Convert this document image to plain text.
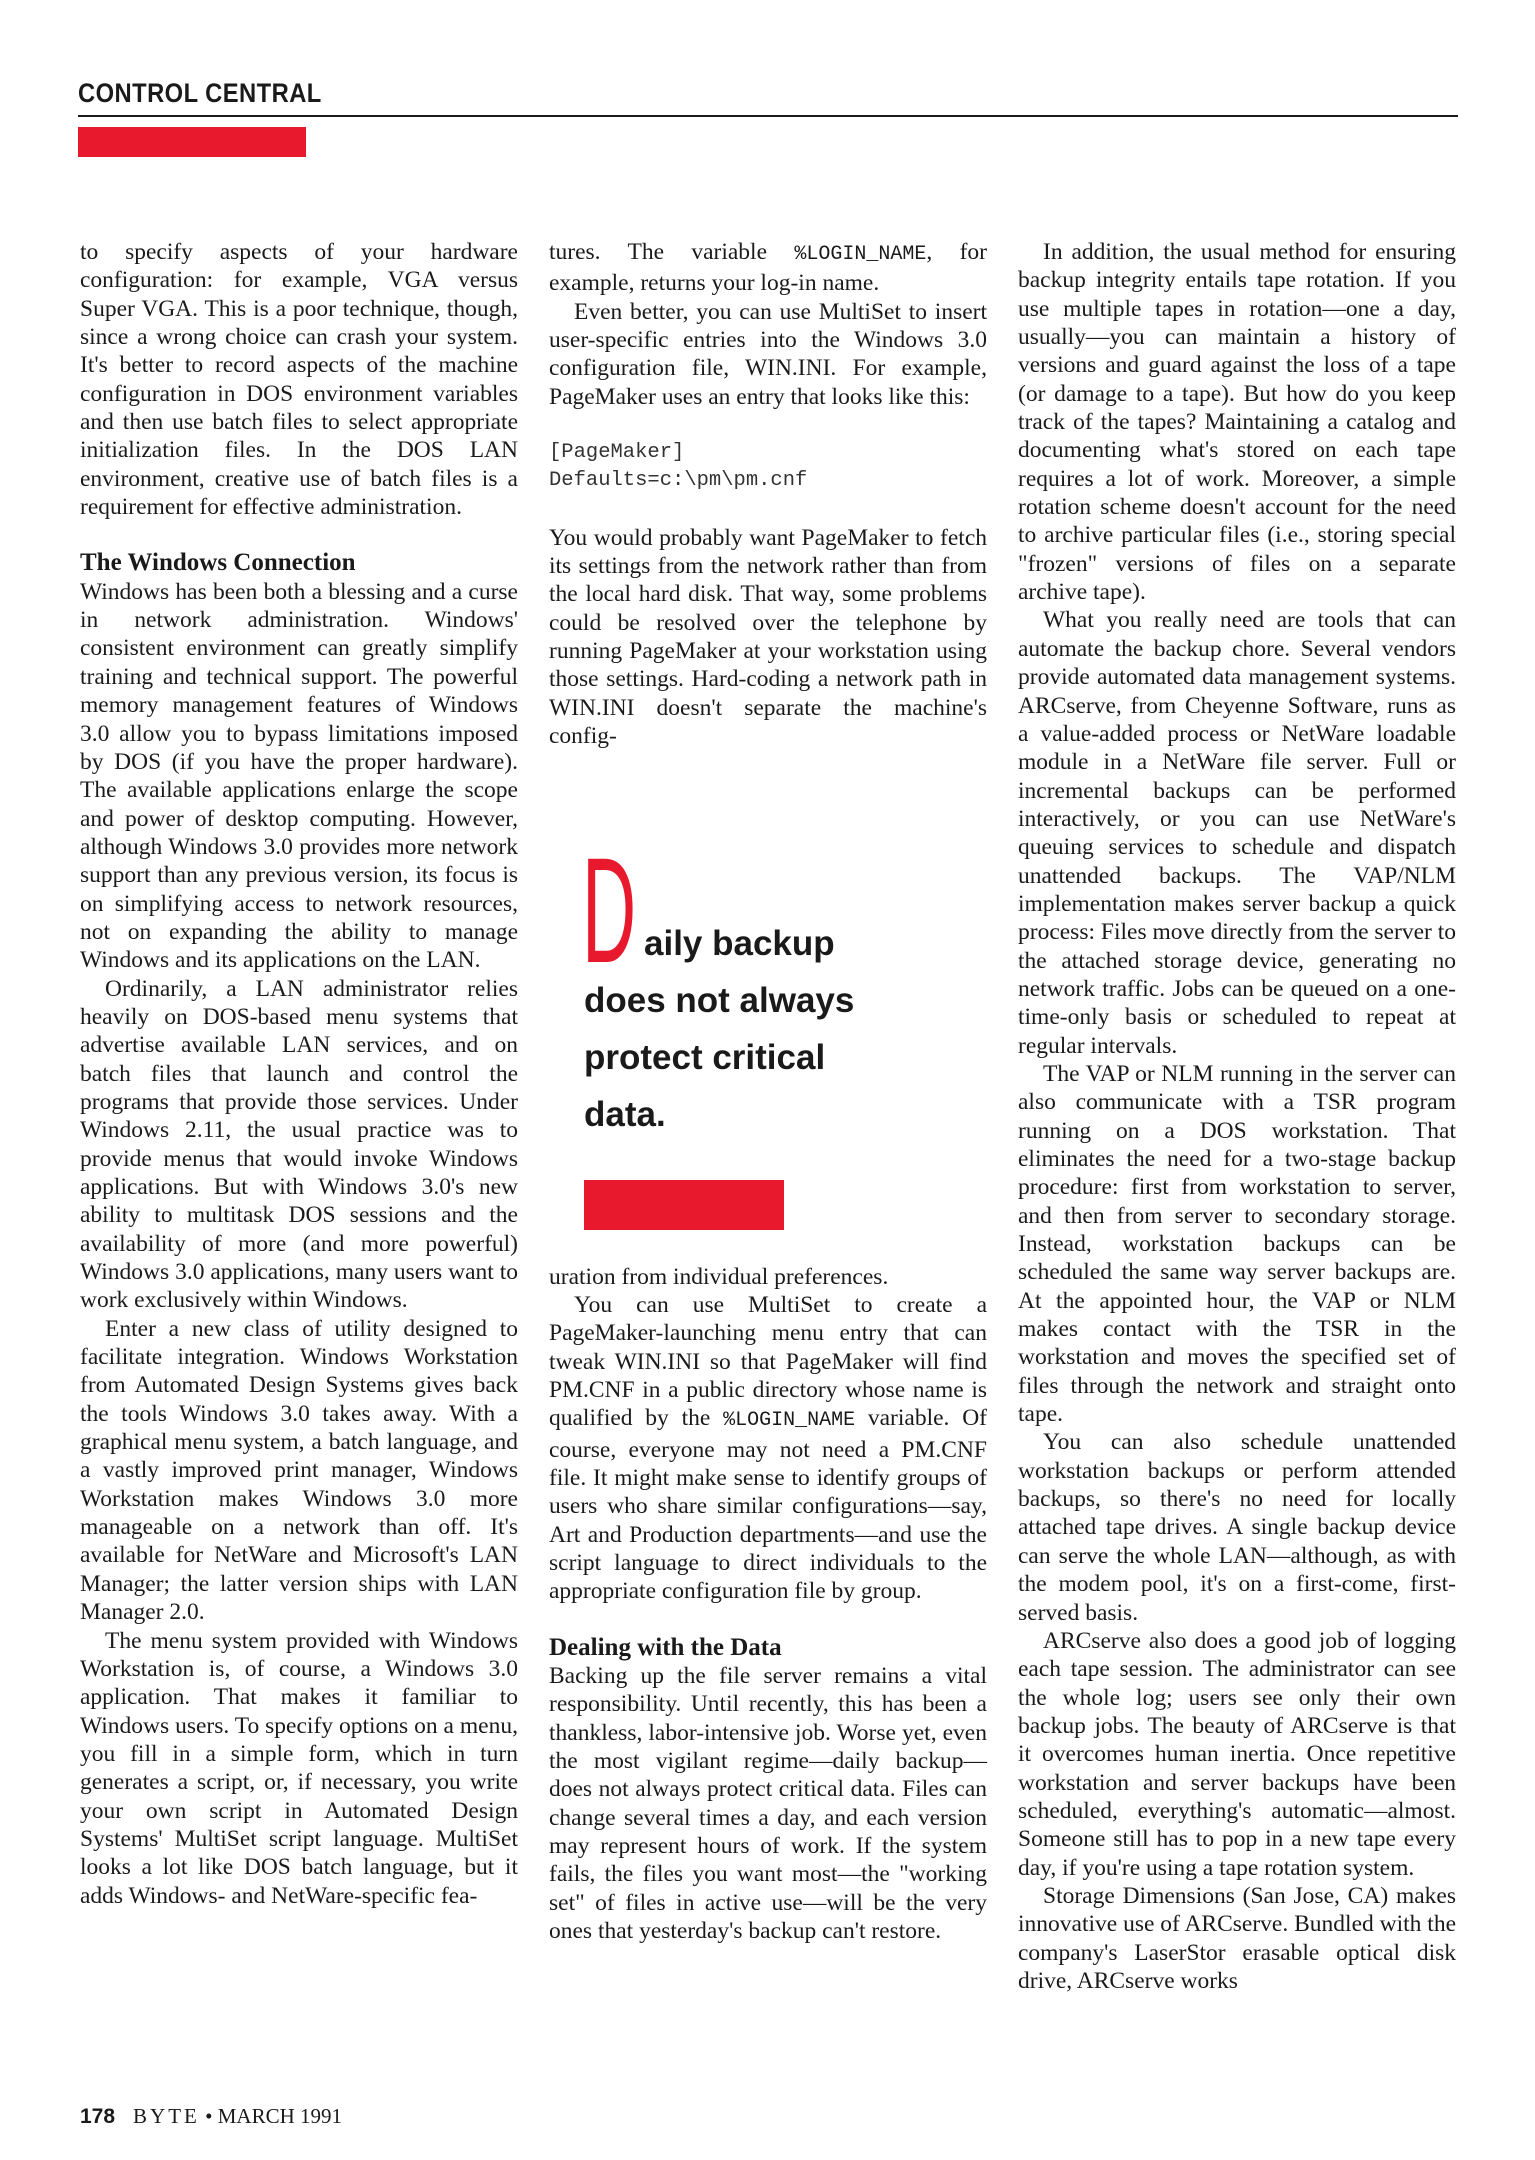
CONTROL CENTRAL

to specify aspects of your hardware configuration: for example, VGA versus Super VGA. This is a poor technique, though, since a wrong choice can crash your system. It's better to record aspects of the machine configuration in DOS environment variables and then use batch files to select appropriate initialization files. In the DOS LAN environment, creative use of batch files is a requirement for effective administration.

The Windows Connection

Windows has been both a blessing and a curse in network administration. Windows' consistent environment can greatly simplify training and technical support. The powerful memory management features of Windows 3.0 allow you to bypass limitations imposed by DOS (if you have the proper hardware). The available applications enlarge the scope and power of desktop computing. However, although Windows 3.0 provides more network support than any previous version, its focus is on simplifying access to network resources, not on expanding the ability to manage Windows and its applications on the LAN.

Ordinarily, a LAN administrator relies heavily on DOS-based menu systems that advertise available LAN services, and on batch files that launch and control the programs that provide those services. Under Windows 2.11, the usual practice was to provide menus that would invoke Windows applications. But with Windows 3.0's new ability to multitask DOS sessions and the availability of more (and more powerful) Windows 3.0 applications, many users want to work exclusively within Windows.

Enter a new class of utility designed to facilitate integration. Windows Workstation from Automated Design Systems gives back the tools Windows 3.0 takes away. With a graphical menu system, a batch language, and a vastly improved print manager, Windows Workstation makes Windows 3.0 more manageable on a network than off. It's available for NetWare and Microsoft's LAN Manager; the latter version ships with LAN Manager 2.0.

The menu system provided with Windows Workstation is, of course, a Windows 3.0 application. That makes it familiar to Windows users. To specify options on a menu, you fill in a simple form, which in turn generates a script, or, if necessary, you write your own script in Automated Design Systems' MultiSet script language. MultiSet looks a lot like DOS batch language, but it adds Windows- and NetWare-specific fea-

tures. The variable %LOGIN_NAME, for example, returns your log-in name.

Even better, you can use MultiSet to insert user-specific entries into the Windows 3.0 configuration file, WIN.INI. For example, PageMaker uses an entry that looks like this:

[PageMaker]
Defaults=c:\pm\pm.cnf

You would probably want PageMaker to fetch its settings from the network rather than from the local hard disk. That way, some problems could be resolved over the telephone by running PageMaker at your workstation using those settings. Hard-coding a network path in WIN.INI doesn't separate the machine's config-

uration from individual preferences.

You can use MultiSet to create a PageMaker-launching menu entry that can tweak WIN.INI so that PageMaker will find PM.CNF in a public directory whose name is qualified by the %LOGIN_NAME variable. Of course, everyone may not need a PM.CNF file. It might make sense to identify groups of users who share similar configurations—say, Art and Production departments—and use the script language to direct individuals to the appropriate configuration file by group.

Dealing with the Data

Backing up the file server remains a vital responsibility. Until recently, this has been a thankless, labor-intensive job. Worse yet, even the most vigilant regime—daily backup—does not always protect critical data. Files can change several times a day, and each version may represent hours of work. If the system fails, the files you want most—the "working set" of files in active use—will be the very ones that yesterday's backup can't restore.

D aily backup
does not always
protect critical
data.

In addition, the usual method for ensuring backup integrity entails tape rotation. If you use multiple tapes in rotation—one a day, usually—you can maintain a history of versions and guard against the loss of a tape (or damage to a tape). But how do you keep track of the tapes? Maintaining a catalog and documenting what's stored on each tape requires a lot of work. Moreover, a simple rotation scheme doesn't account for the need to archive particular files (i.e., storing special "frozen" versions of files on a separate archive tape).

What you really need are tools that can automate the backup chore. Several vendors provide automated data management systems. ARCserve, from Cheyenne Software, runs as a value-added process or NetWare loadable module in a NetWare file server. Full or incremental backups can be performed interactively, or you can use NetWare's queuing services to schedule and dispatch unattended backups. The VAP/NLM implementation makes server backup a quick process: Files move directly from the server to the attached storage device, generating no network traffic. Jobs can be queued on a one-time-only basis or scheduled to repeat at regular intervals.

The VAP or NLM running in the server can also communicate with a TSR program running on a DOS workstation. That eliminates the need for a two-stage backup procedure: first from workstation to server, and then from server to secondary storage. Instead, workstation backups can be scheduled the same way server backups are. At the appointed hour, the VAP or NLM makes contact with the TSR in the workstation and moves the specified set of files through the network and straight onto tape.

You can also schedule unattended workstation backups or perform attended backups, so there's no need for locally attached tape drives. A single backup device can serve the whole LAN—although, as with the modem pool, it's on a first-come, first-served basis.

ARCserve also does a good job of logging each tape session. The administrator can see the whole log; users see only their own backup jobs. The beauty of ARCserve is that it overcomes human inertia. Once repetitive workstation and server backups have been scheduled, everything's automatic—almost. Someone still has to pop in a new tape every day, if you're using a tape rotation system.

Storage Dimensions (San Jose, CA) makes innovative use of ARCserve. Bundled with the company's LaserStor erasable optical disk drive, ARCserve works

178 BYTE • MARCH 1991
